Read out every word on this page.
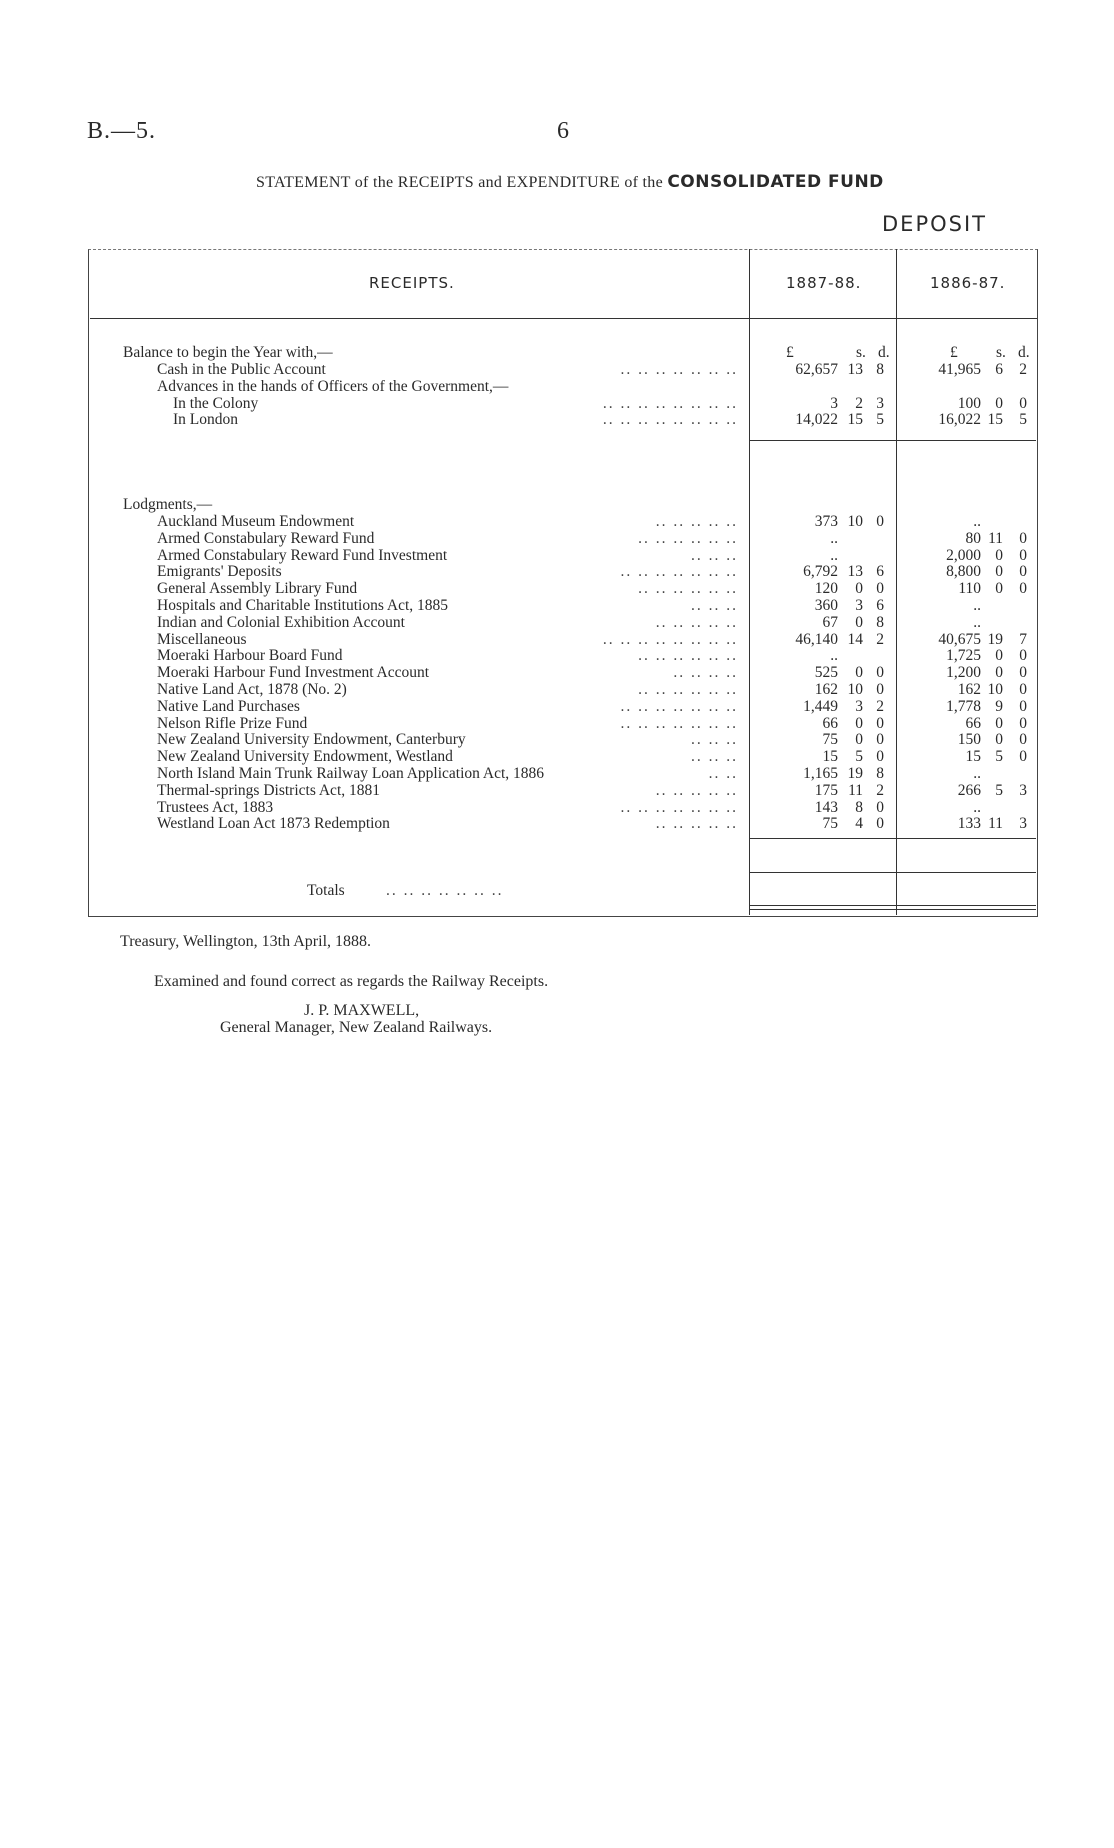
B.—5.	6
STATEMENT of the RECEIPTS and EXPENDITURE of the CONSOLIDATED FUND
DEPOSIT
RECEIPTS.	1887-88.	1886-87.
£	s. d.	£ s. d.
Balance to begin the Year with,—
Cash in the Public Account	.. .. .. .. .. .. ..	62,657 13 8	41,965 6 2
Advances in the hands of Officers of the Government,—
In the Colony	.. .. .. .. .. .. .. ..	3 2 3	100 0 0
In London	.. .. .. .. .. .. .. ..	14,022 15 5	16,022 15 5
Lodgments,—
Auckland Museum Endowment	.. .. .. .. ..	373 10 0	..
Armed Constabulary Reward Fund	.. .. .. .. .. ..	..	80 11 0
Armed Constabulary Reward Fund Investment	.. .. ..	..	2,000 0 0
Emigrants' Deposits	.. .. .. .. .. .. ..	6,792 13 6	8,800 0 0
General Assembly Library Fund	.. .. .. .. .. ..	120 0 0	110 0 0
Hospitals and Charitable Institutions Act, 1885	.. .. ..	360 3 6	..
Indian and Colonial Exhibition Account	.. .. .. .. ..	67 0 8	..
Miscellaneous	.. .. .. .. .. .. .. ..	46,140 14 2	40,675 19 7
Moeraki Harbour Board Fund	.. .. .. .. .. ..	..	1,725 0 0
Moeraki Harbour Fund Investment Account	.. .. .. ..	525 0 0	1,200 0 0
Native Land Act, 1878 (No. 2)	.. .. .. .. .. ..	162 10 0	162 10 0
Native Land Purchases	.. .. .. .. .. .. ..	1,449 3 2	1,778 9 0
Nelson Rifle Prize Fund	.. .. .. .. .. .. ..	66 0 0	66 0 0
New Zealand University Endowment, Canterbury	.. .. ..	75 0 0	150 0 0
New Zealand University Endowment, Westland	.. .. ..	15 5 0	15 5 0
North Island Main Trunk Railway Loan Application Act, 1886	.. ..	1,165 19 8	..
Thermal-springs Districts Act, 1881	.. .. .. .. ..	175 11 2	266 5 3
Trustees Act, 1883	.. .. .. .. .. .. ..	143 8 0	..
Westland Loan Act 1873 Redemption	.. .. .. .. ..	75 4 0	133 11 3
Totals	.. .. .. .. .. .. ..
Treasury, Wellington, 13th April, 1888.
Examined and found correct as regards the Railway Receipts.
J. P. MAXWELL,
General Manager, New Zealand Railways.
